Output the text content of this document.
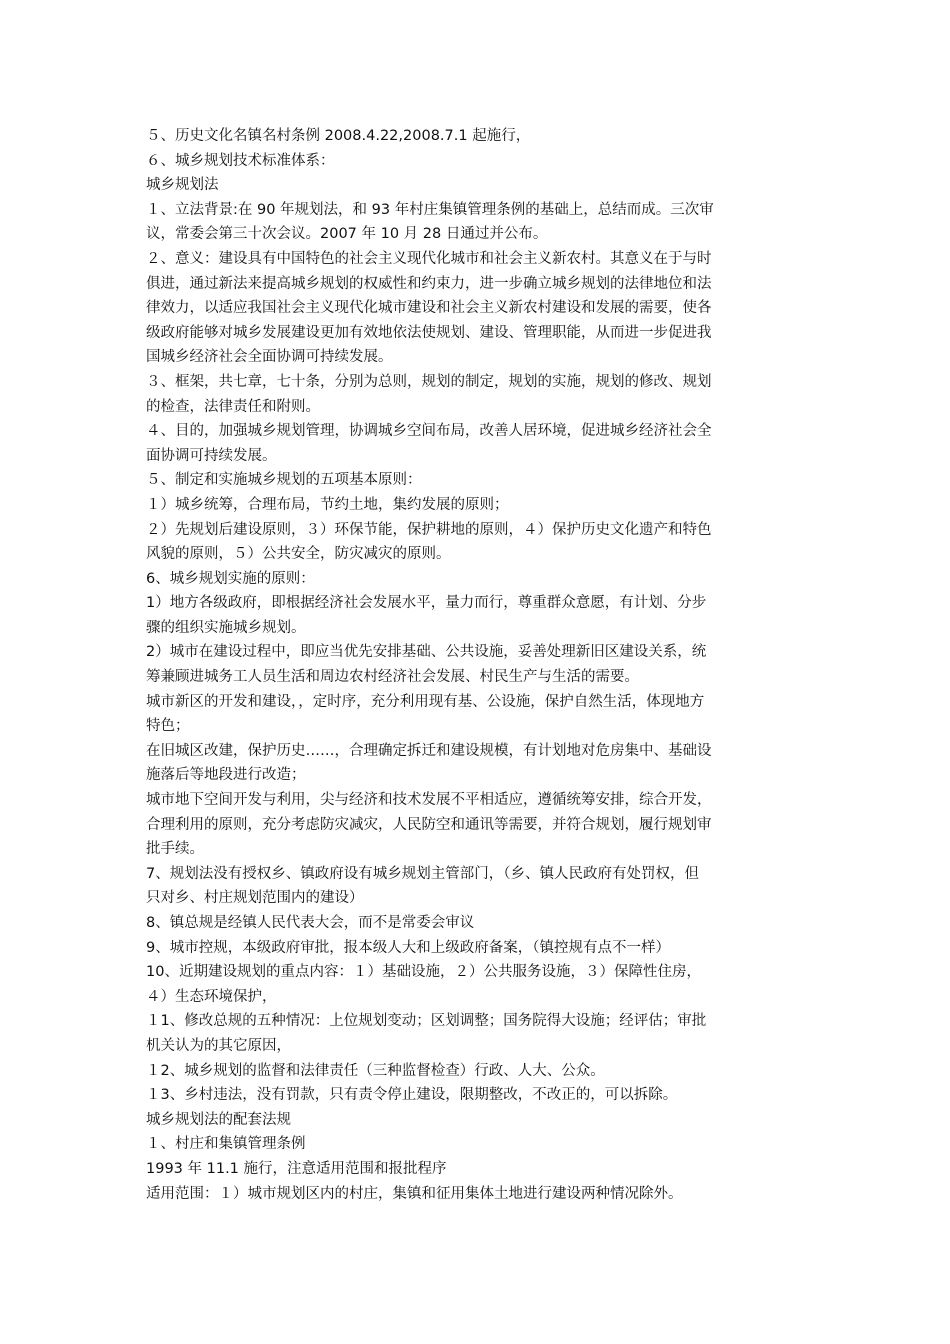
５、历史文化名镇名村条例 2008.4.22,2008.7.1 起施行，
６、城乡规划技术标准体系：
城乡规划法
１、立法背景:在 90 年规划法，和 93 年村庄集镇管理条例的基础上，总结而成。三次审
议，常委会第三十次会议。2007 年 10 月 28 日通过并公布。
２、意义：建设具有中国特色的社会主义现代化城市和社会主义新农村。其意义在于与时
俱进，通过新法来提高城乡规划的权威性和约束力，进一步确立城乡规划的法律地位和法
律效力，以适应我国社会主义现代化城市建设和社会主义新农村建设和发展的需要，使各
级政府能够对城乡发展建设更加有效地依法使规划、建设、管理职能，从而进一步促进我
国城乡经济社会全面协调可持续发展。
３、框架，共七章，七十条，分别为总则，规划的制定，规划的实施，规划的修改、规划
的检查，法律责任和附则。
４、目的，加强城乡规划管理，协调城乡空间布局，改善人居环境，促进城乡经济社会全
面协调可持续发展。
５、制定和实施城乡规划的五项基本原则：
１）城乡统筹，合理布局，节约土地，集约发展的原则；
２）先规划后建设原则，３）环保节能，保护耕地的原则，４）保护历史文化遗产和特色
风貌的原则，５）公共安全，防灾减灾的原则。
6、城乡规划实施的原则：
1）地方各级政府，即根据经济社会发展水平，量力而行，尊重群众意愿，有计划、分步
骤的组织实施城乡规划。
2）城市在建设过程中，即应当优先安排基础、公共设施，妥善处理新旧区建设关系，统
筹兼顾进城务工人员生活和周边农村经济社会发展、村民生产与生活的需要。
城市新区的开发和建设，，定时序，充分利用现有基、公设施，保护自然生活，体现地方
特色；
在旧城区改建，保护历史……，合理确定拆迁和建设规模，有计划地对危房集中、基础设
施落后等地段进行改造；
城市地下空间开发与利用，尖与经济和技术发展不平相适应，遵循统筹安排，综合开发，
合理利用的原则，充分考虑防灾减灾，人民防空和通讯等需要，并符合规划，履行规划审
批手续。
7、规划法没有授权乡、镇政府设有城乡规划主管部门，（乡、镇人民政府有处罚权，但
只对乡、村庄规划范围内的建设）
8、镇总规是经镇人民代表大会，而不是常委会审议
9、城市控规，本级政府审批，报本级人大和上级政府备案，（镇控规有点不一样）
10、近期建设规划的重点内容：１）基础设施，２）公共服务设施，３）保障性住房，
４）生态环境保护，
１1、修改总规的五种情况：上位规划变动；区划调整；国务院得大设施；经评估；审批
机关认为的其它原因，
１2、城乡规划的监督和法律责任（三种监督检查）行政、人大、公众。
１3、乡村违法，没有罚款，只有责令停止建设，限期整改，不改正的，可以拆除。
城乡规划法的配套法规
１、村庄和集镇管理条例
1993 年 11.1 施行，注意适用范围和报批程序
适用范围：１）城市规划区内的村庄，集镇和征用集体土地进行建设两种情况除外。
